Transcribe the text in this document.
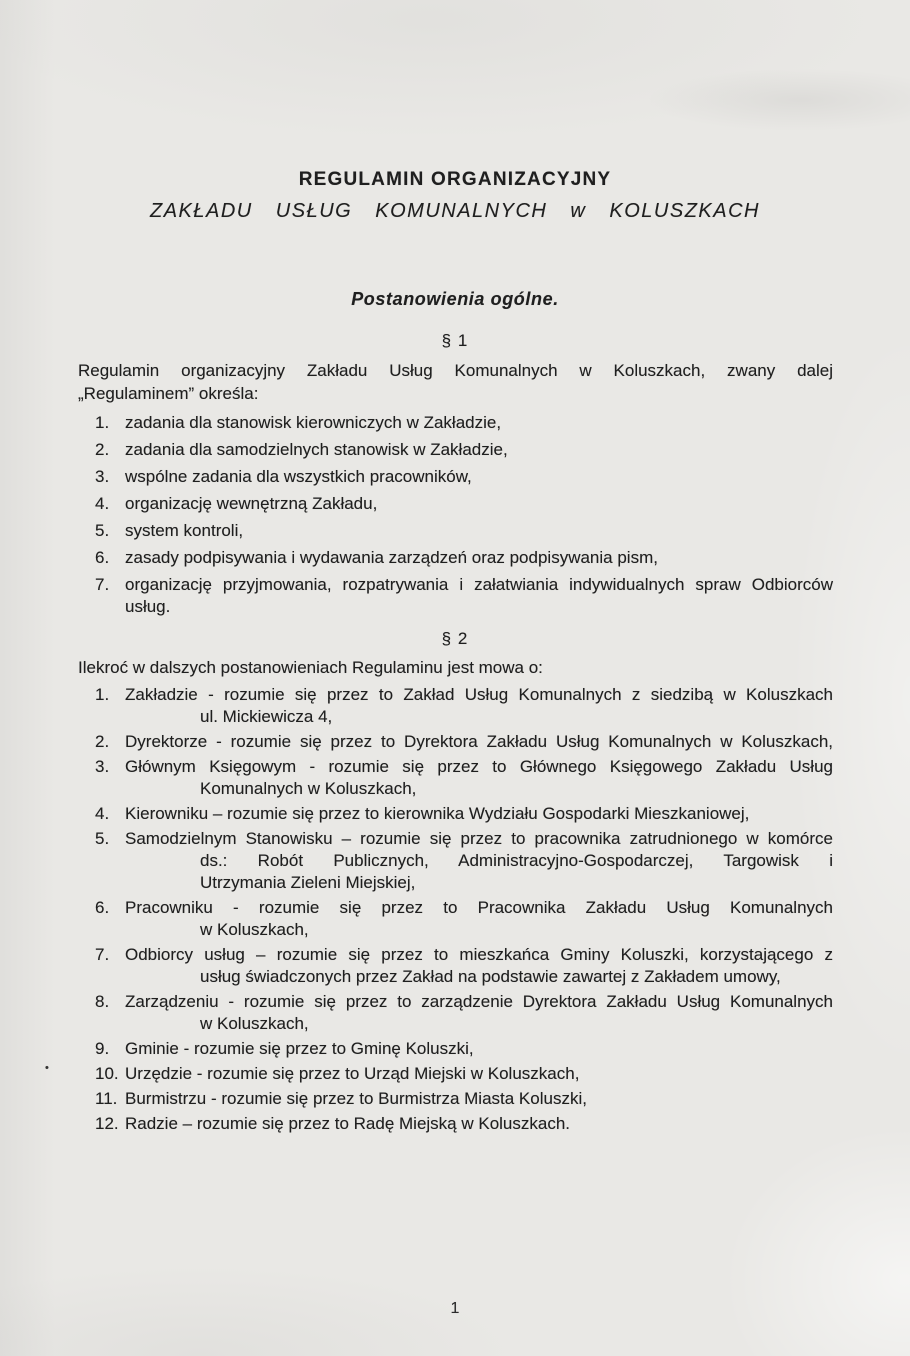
REGULAMIN ORGANIZACYJNY
ZAKŁADU USŁUG KOMUNALNYCH w KOLUSZKACH
Postanowienia ogólne.
§ 1
Regulamin organizacyjny Zakładu Usług Komunalnych w Koluszkach, zwany dalej
„Regulaminem” określa:
1. zadania dla stanowisk kierowniczych w Zakładzie,
2. zadania dla samodzielnych stanowisk w Zakładzie,
3. wspólne zadania dla wszystkich pracowników,
4. organizację wewnętrzną Zakładu,
5. system kontroli,
6. zasady podpisywania i wydawania zarządzeń oraz podpisywania pism,
7. organizację przyjmowania, rozpatrywania i załatwiania indywidualnych spraw Odbiorców
usług.
§ 2
Ilekroć w dalszych postanowieniach Regulaminu jest mowa o:
1. Zakładzie - rozumie się przez to Zakład Usług Komunalnych z siedzibą w Koluszkach
ul. Mickiewicza 4,
2. Dyrektorze - rozumie się przez to Dyrektora Zakładu Usług Komunalnych w Koluszkach,
3. Głównym Księgowym - rozumie się przez to Głównego Księgowego Zakładu Usług
Komunalnych w Koluszkach,
4. Kierowniku – rozumie się przez to kierownika Wydziału Gospodarki Mieszkaniowej,
5. Samodzielnym Stanowisku – rozumie się przez to pracownika zatrudnionego w komórce
ds.: Robót Publicznych, Administracyjno-Gospodarczej, Targowisk i
Utrzymania Zieleni Miejskiej,
6. Pracowniku - rozumie się przez to Pracownika Zakładu Usług Komunalnych
w Koluszkach,
7. Odbiorcy usług – rozumie się przez to mieszkańca Gminy Koluszki, korzystającego z
usług świadczonych przez Zakład na podstawie zawartej z Zakładem umowy,
8. Zarządzeniu - rozumie się przez to zarządzenie Dyrektora Zakładu Usług Komunalnych
w Koluszkach,
9. Gminie - rozumie się przez to Gminę Koluszki,
10. Urzędzie - rozumie się przez to Urząd Miejski w Koluszkach,
11. Burmistrzu - rozumie się przez to Burmistrza Miasta Koluszki,
12. Radzie – rozumie się przez to Radę Miejską w Koluszkach.
•
1
